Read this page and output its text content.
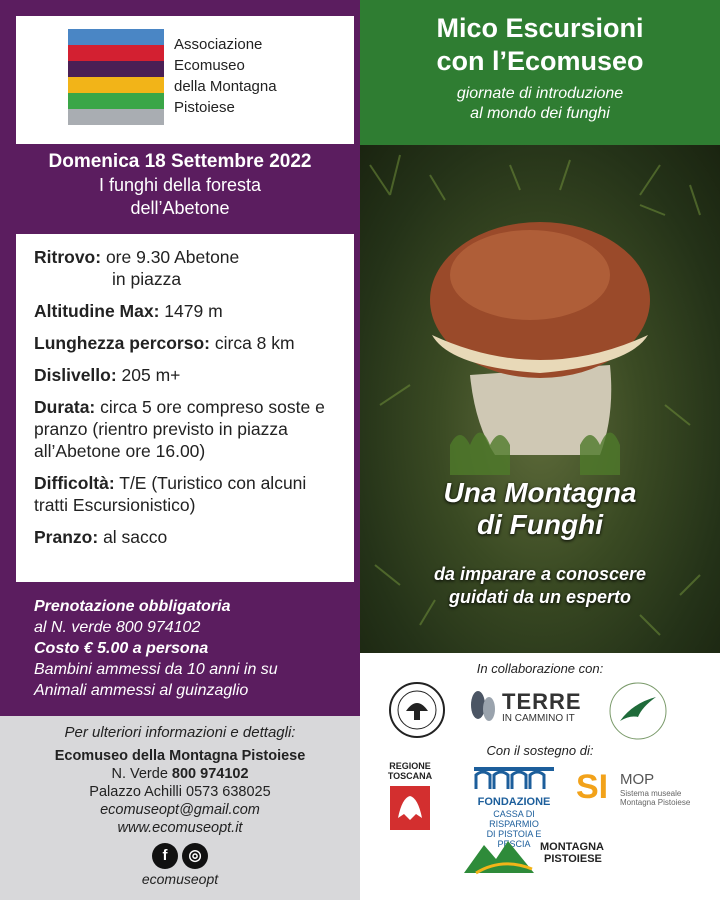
Associazione
Ecomuseo
della Montagna
Pistoiese
Domenica 18 Settembre 2022
I funghi della foresta
dell’Abetone
Ritrovo: ore 9.30 Abetone
in piazza
Altitudine Max: 1479 m
Lunghezza percorso: circa 8 km
Dislivello: 205 m+
Durata: circa 5 ore compreso soste e pranzo (rientro previsto in piazza all’Abetone ore 16.00)
Difficoltà: T/E (Turistico con alcuni tratti Escursionistico)
Pranzo: al sacco
Prenotazione obbligatoria
al N. verde 800 974102
Costo € 5.00 a persona
Bambini ammessi da 10 anni in su
Animali ammessi al guinzaglio
Per ulteriori informazioni e dettagli:
Ecomuseo della Montagna Pistoiese
N. Verde 800 974102
Palazzo Achilli 0573 638025
ecomuseopt@gmail.com
www.ecomuseopt.it
f	◎
ecomuseopt
Mico Escursioni
con l’Ecomuseo
giornate di introduzione
al mondo dei funghi
Una Montagna
di Funghi
da imparare a conoscere
guidati da un esperto
In collaborazione con:
TERRE
IN CAMMINO IT
Con il sostegno di:
REGIONE
TOSCANA
FONDAZIONE
CASSA DI RISPARMIO
DI PISTOIA E PESCIA
SI MOP
Sistema museale
Montagna Pistoiese
MONTAGNA
PISTOIESE
